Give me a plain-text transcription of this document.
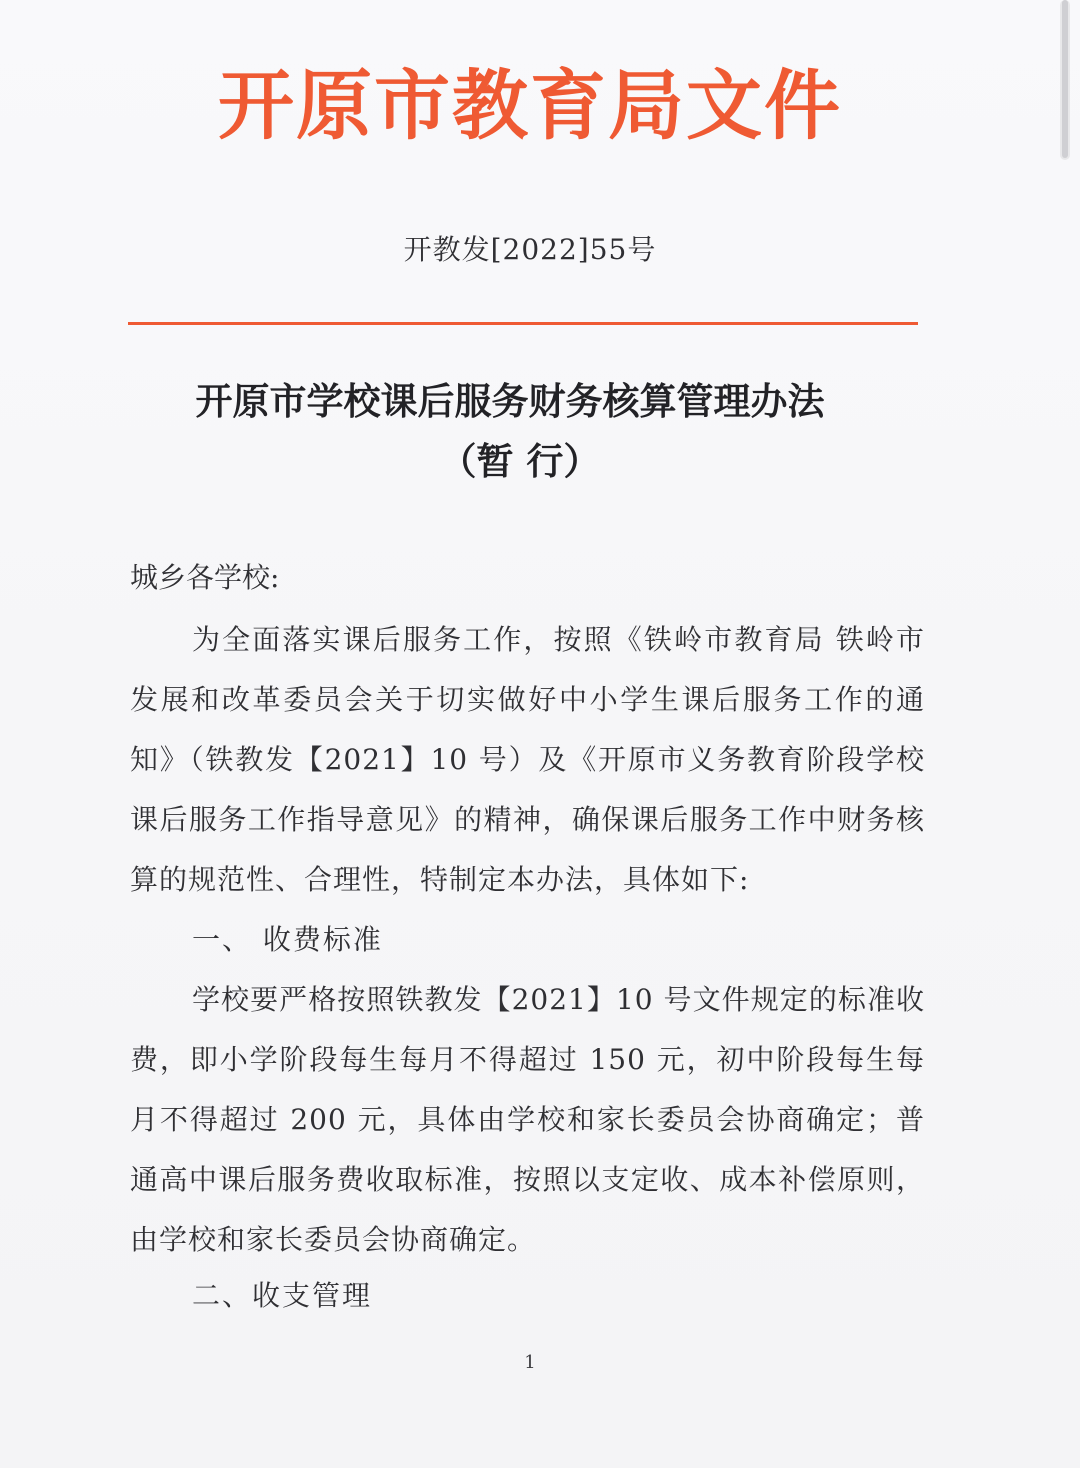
开原市教育局文件
开教发[2022]55号
开原市学校课后服务财务核算管理办法
（暂 行）
城乡各学校:

为全面落实课后服务工作，按照《铁岭市教育局 铁岭市发展和改革委员会关于切实做好中小学生课后服务工作的通知》（铁教发【2021】10 号）及《开原市义务教育阶段学校课后服务工作指导意见》的精神，确保课后服务工作中财务核算的规范性、合理性，特制定本办法，具体如下:

一、 收费标准

学校要严格按照铁教发【2021】10 号文件规定的标准收费，即小学阶段每生每月不得超过 150 元，初中阶段每生每月不得超过 200 元，具体由学校和家长委员会协商确定；普通高中课后服务费收取标准，按照以支定收、成本补偿原则，由学校和家长委员会协商确定。

二、收支管理
1
